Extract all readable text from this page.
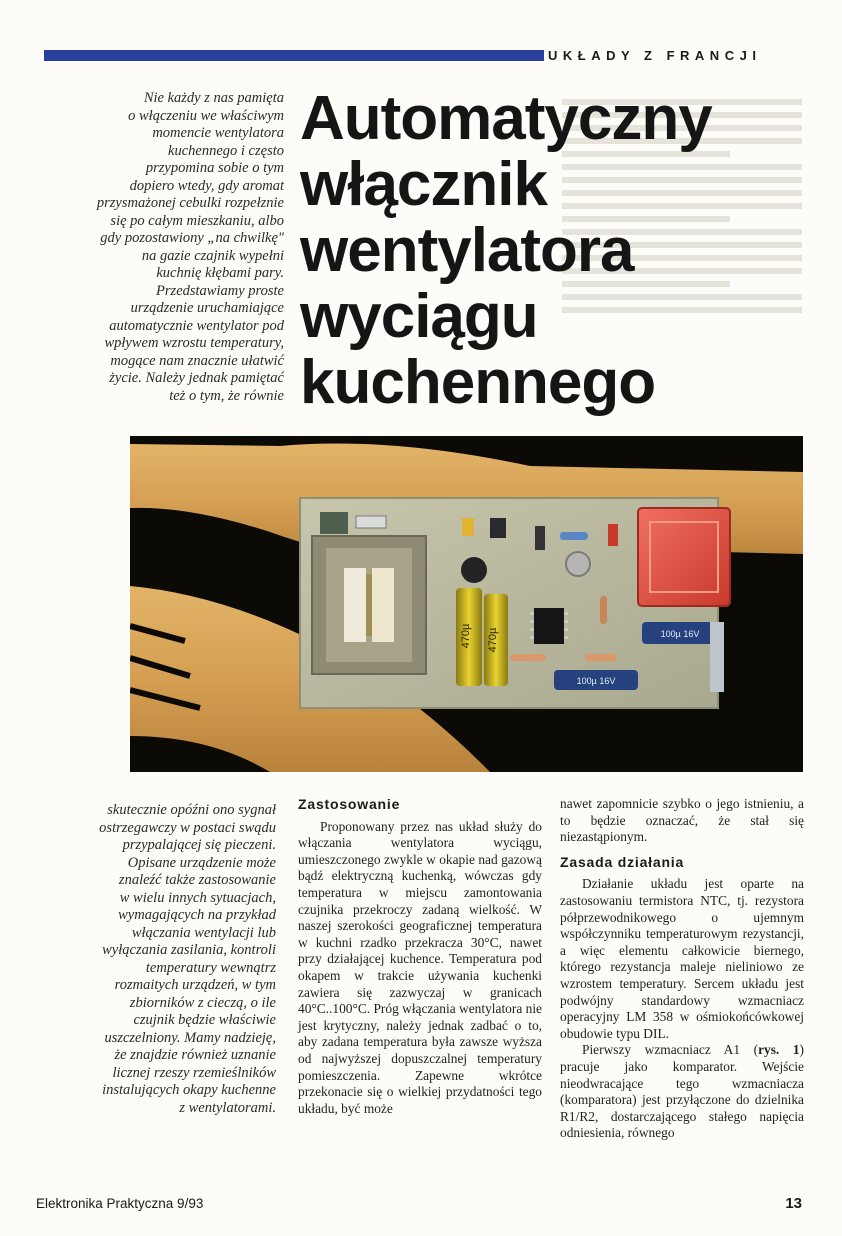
UKŁADY Z FRANCJI
Nie każdy z nas pamięta
o włączeniu we właściwym
momencie wentylatora
kuchennego i często
przypomina sobie o tym
dopiero wtedy, gdy aromat
przysmażonej cebulki rozpełznie
się po całym mieszkaniu, albo
gdy pozostawiony „na chwilkę"
na gazie czajnik wypełni
kuchnię kłębami pary.
Przedstawiamy proste
urządzenie uruchamiające
automatycznie wentylator pod
wpływem wzrostu temperatury,
mogące nam znacznie ułatwić
życie. Należy jednak pamiętać
też o tym, że równie
Automatyczny
włącznik
wentylatora
wyciągu
kuchennego
470µ 470µ	100µ 16V
100µ 16V
skutecznie opóźni ono sygnał
ostrzegawczy w postaci swądu
przypalającej się pieczeni.
Opisane urządzenie może
znaleźć także zastosowanie
w wielu innych sytuacjach,
wymagających na przykład
włączania wentylacji lub
wyłączania zasilania, kontroli
temperatury wewnątrz
rozmaitych urządzeń, w tym
zbiorników z cieczą, o ile
czujnik będzie właściwie
uszczelniony. Mamy nadzieję,
że znajdzie również uznanie
licznej rzeszy rzemieślników
instalujących okapy kuchenne
z wentylatorami.
Zastosowanie

Proponowany przez nas układ służy do włączania wentylatora wyciągu, umieszczonego zwykle w okapie nad gazową bądź elektryczną kuchenką, wówczas gdy temperatura w miejscu zamontowania czujnika przekroczy zadaną wielkość. W naszej szerokości geograficznej temperatura w kuchni rzadko przekracza 30°C, nawet przy działającej kuchence. Temperatura pod okapem w trakcie używania kuchenki zawiera się zazwyczaj w granicach 40°C..100°C. Próg włączania wentylatora nie jest krytyczny, należy jednak zadbać o to, aby zadana temperatura była zawsze wyższa od najwyższej dopuszczalnej temperatury pomieszczenia. Zapewne wkrótce przekonacie się o wielkiej przydatności tego układu, być może

nawet zapomnicie szybko o jego istnieniu, a to będzie oznaczać, że stał się niezastąpionym.

Zasada działania

Działanie układu jest oparte na zastosowaniu termistora NTC, tj. rezystora półprzewodnikowego o ujemnym współczynniku temperaturowym rezystancji, a więc elementu całkowicie biernego, którego rezystancja maleje nieliniowo ze wzrostem temperatury. Sercem układu jest podwójny standardowy wzmacniacz operacyjny LM 358 w ośmiokońcówkowej obudowie typu DIL.

Pierwszy wzmacniacz A1 (rys. 1) pracuje jako komparator. Wejście nieodwracające tego wzmacniacza (komparatora) jest przyłączone do dzielnika R1/R2, dostarczającego stałego napięcia odniesienia, równego

Elektronika Praktyczna 9/93	13
